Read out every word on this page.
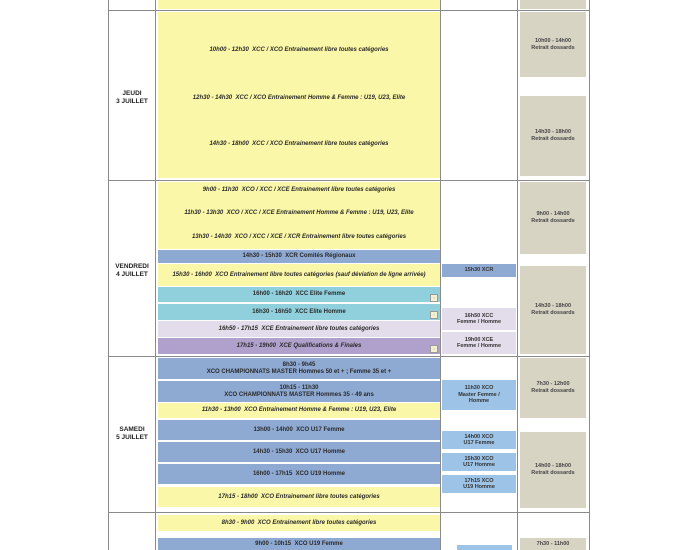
JEUDI
3 JUILLET
VENDREDI
4 JUILLET
SAMEDI
5 JUILLET
10h00 - 12h30 XCC / XCO Entrainement libre toutes catégories
12h30 - 14h30 XCC / XCO Entrainement Homme & Femme : U19, U23, Elite
14h30 - 18h00 XCC / XCO Entrainement libre toutes catégories
10h00 - 14h00
Retrait dossards
14h30 - 18h00
Retrait dossards
9h00 - 11h30 XCO / XCC / XCE Entrainement libre toutes catégories
11h30 - 13h30 XCO / XCC / XCE Entrainement Homme & Femme : U19, U23, Elite
13h30 - 14h30 XCO / XCC / XCE / XCR Entrainement libre toutes catégories
14h30 - 15h30 XCR Comités Régionaux
15h30 - 16h00 XCO Entrainement libre toutes catégories (sauf déviation de ligne arrivée)
16h00 - 16h20 XCC Elite Femme
16h30 - 16h50 XCC Elite Homme
16h50 - 17h15 XCE Entrainement libre toutes catégories
17h15 - 19h00 XCE Qualifications & Finales
▫
▫
▫
15h30 XCR
16h50 XCC Femme / Homme
19h00 XCE Femme / Homme
9h00 - 14h00
Retrait dossards
14h30 - 18h00
Retrait dossards
8h30 - 9h45
XCO CHAMPIONNATS MASTER Hommes 50 et + ; Femme 35 et +
10h15 - 11h30
XCO CHAMPIONNATS MASTER Hommes 35 - 49 ans
11h30 - 13h00 XCO Entrainement Homme & Femme : U19, U23, Elite
13h00 - 14h00 XCO U17 Femme
14h30 - 15h30 XCO U17 Homme
16h00 - 17h15 XCO U19 Homme
17h15 - 18h00 XCO Entrainement libre toutes catégories
11h30 XCO Master Femme / Homme
14h00 XCO U17 Femme
15h30 XCO U17 Homme
17h15 XCO U19 Homme
7h30 - 12h00
Retrait dossards
14h00 - 18h00
Retrait dossards
8h30 - 9h00 XCO Entrainement libre toutes catégories
9h00 - 10h15 XCO U19 Femme	7h30 - 11h00
